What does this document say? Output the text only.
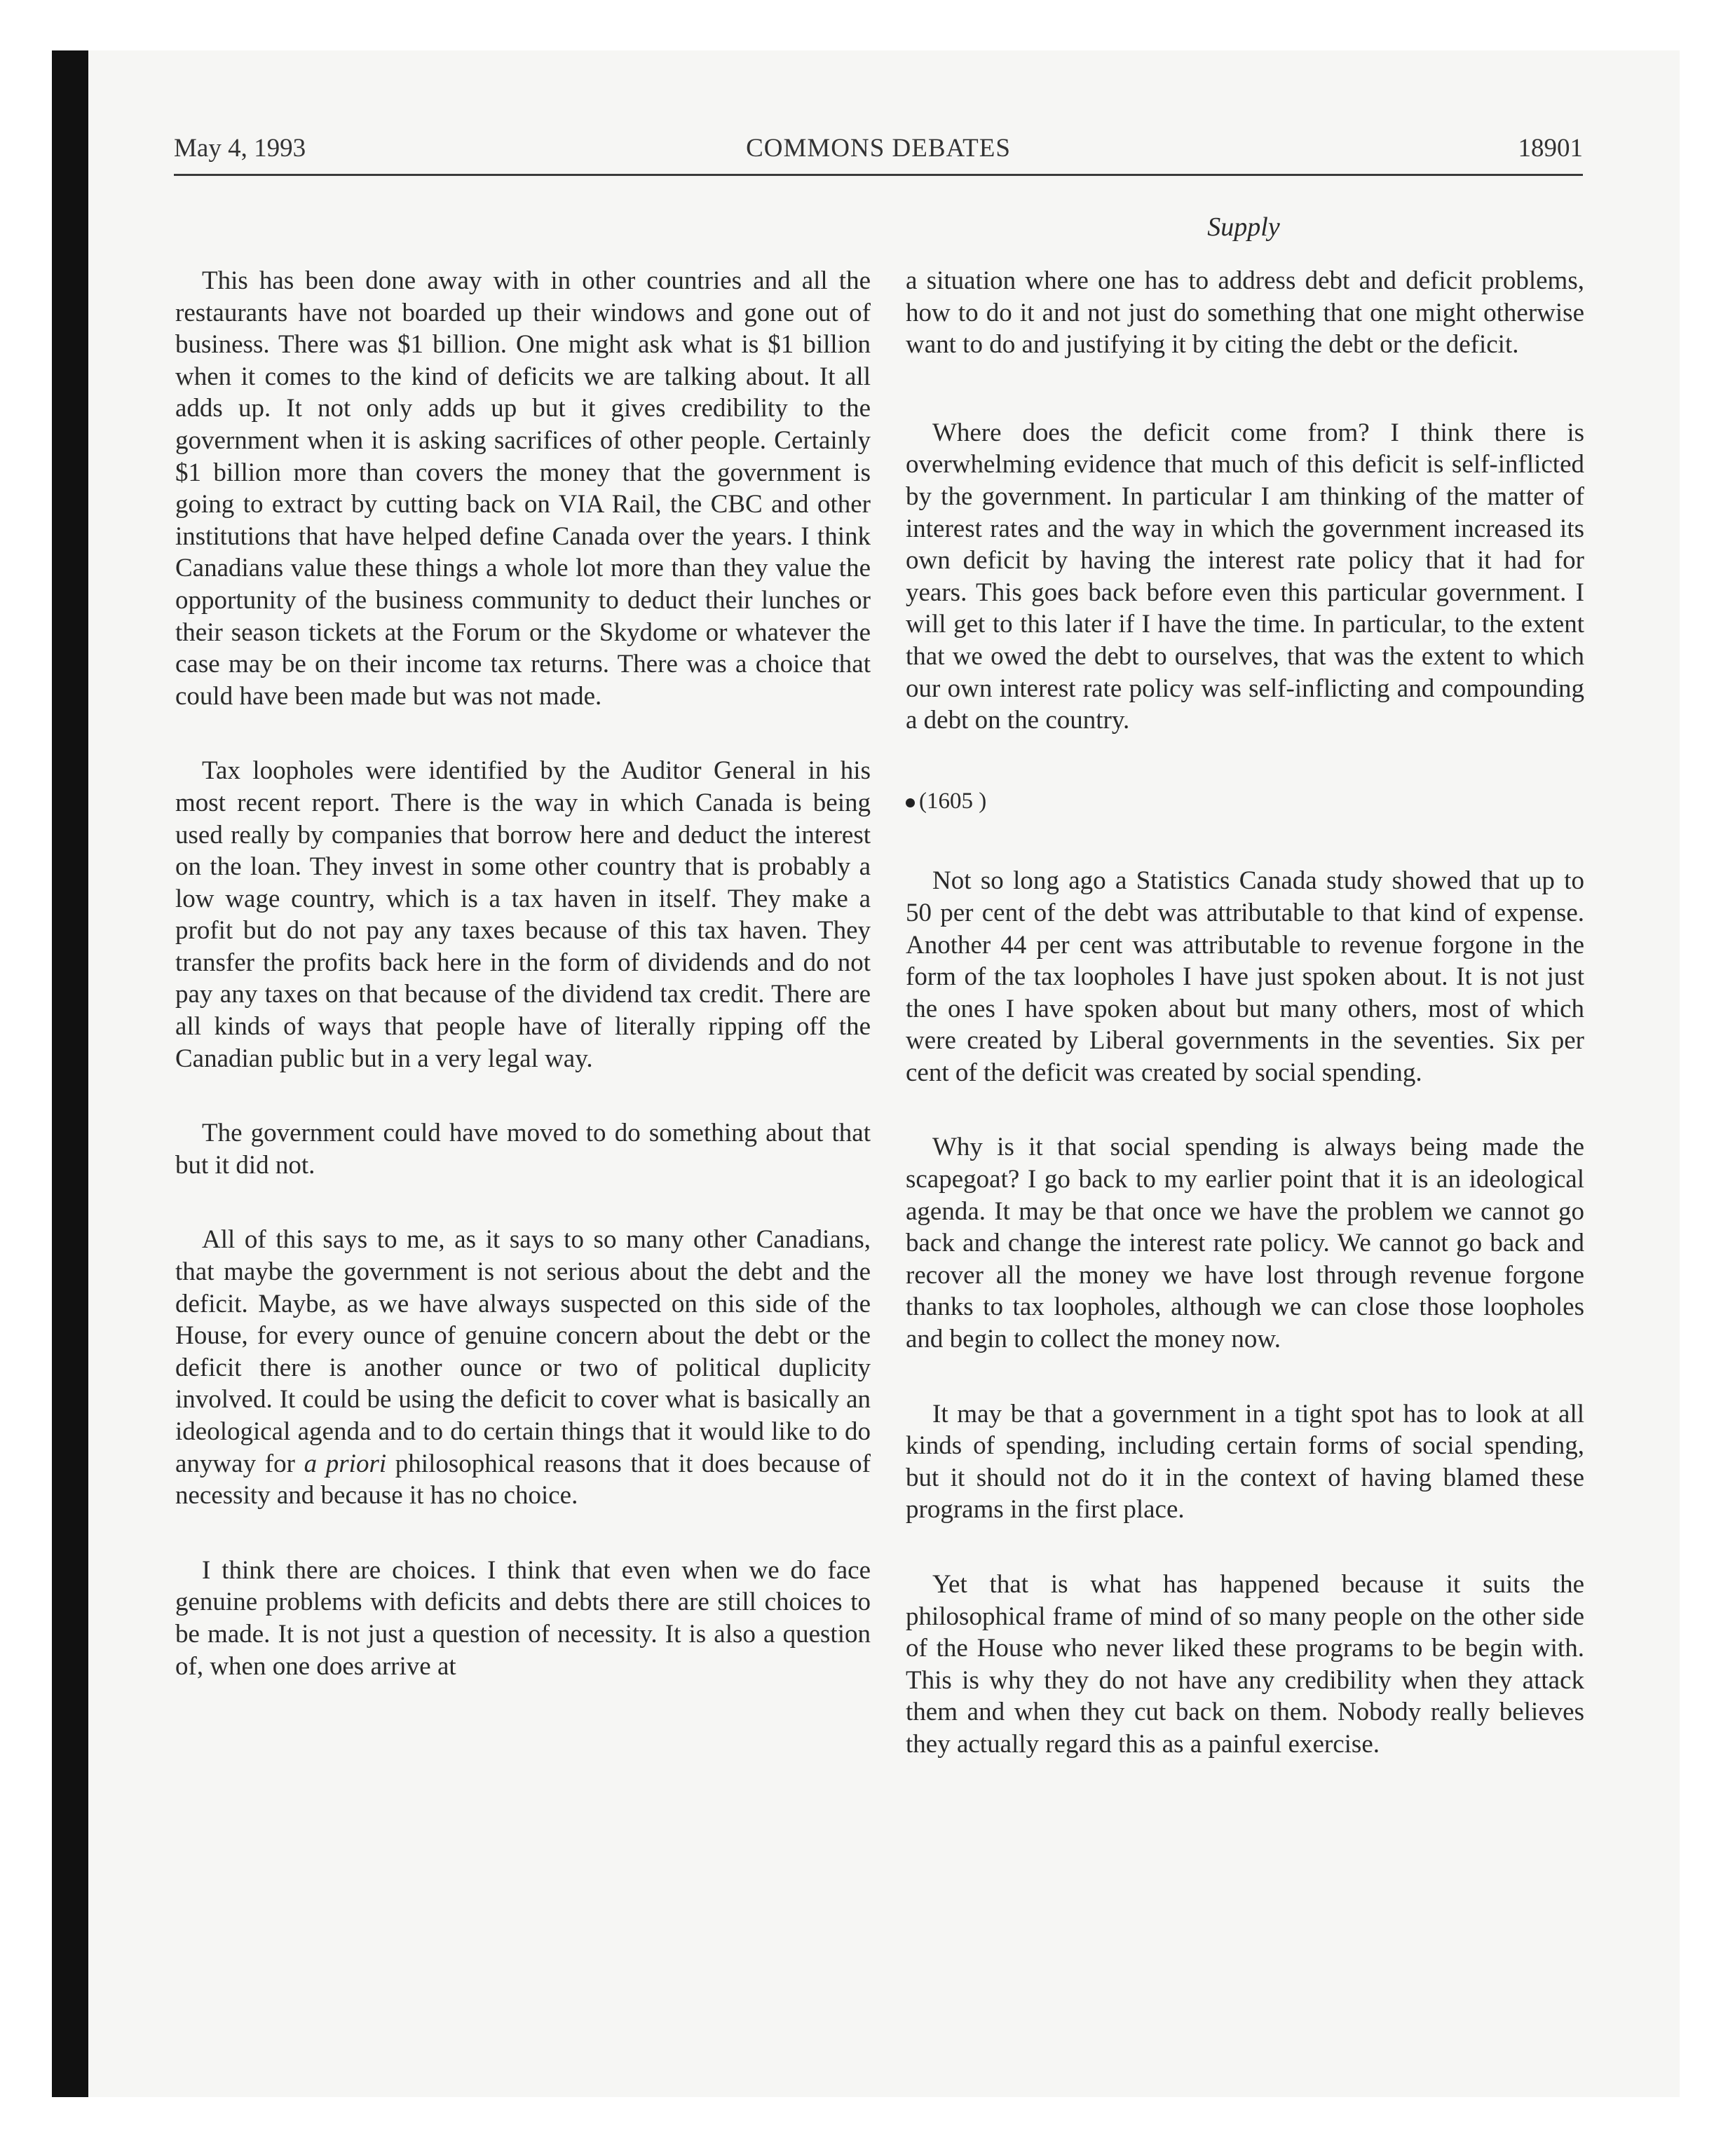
May 4, 1993	COMMONS DEBATES	18901
Supply

This has been done away with in other countries and all the restaurants have not boarded up their windows and gone out of business. There was $1 billion. One might ask what is $1 billion when it comes to the kind of deficits we are talking about. It all adds up. It not only adds up but it gives credibility to the government when it is asking sacrifices of other people. Certainly $1 billion more than covers the money that the government is going to extract by cutting back on VIA Rail, the CBC and other institutions that have helped define Canada over the years. I think Canadians value these things a whole lot more than they value the opportunity of the business community to deduct their lunches or their season tickets at the Forum or the Skydome or whatever the case may be on their income tax returns. There was a choice that could have been made but was not made.

Tax loopholes were identified by the Auditor General in his most recent report. There is the way in which Canada is being used really by companies that borrow here and deduct the interest on the loan. They invest in some other country that is probably a low wage country, which is a tax haven in itself. They make a profit but do not pay any taxes because of this tax haven. They transfer the profits back here in the form of dividends and do not pay any taxes on that because of the dividend tax credit. There are all kinds of ways that people have of literally ripping off the Canadian public but in a very legal way.

The government could have moved to do something about that but it did not.

All of this says to me, as it says to so many other Canadians, that maybe the government is not serious about the debt and the deficit. Maybe, as we have always suspected on this side of the House, for every ounce of genuine concern about the debt or the deficit there is another ounce or two of political duplicity involved. It could be using the deficit to cover what is basically an ideological agenda and to do certain things that it would like to do anyway for a priori philosophical reasons that it does because of necessity and because it has no choice.

I think there are choices. I think that even when we do face genuine problems with deficits and debts there are still choices to be made. It is not just a question of necessity. It is also a question of, when one does arrive at

a situation where one has to address debt and deficit problems, how to do it and not just do something that one might otherwise want to do and justifying it by citing the debt or the deficit.

Where does the deficit come from? I think there is overwhelming evidence that much of this deficit is self-inflicted by the government. In particular I am thinking of the matter of interest rates and the way in which the government increased its own deficit by having the interest rate policy that it had for years. This goes back before even this particular government. I will get to this later if I have the time. In particular, to the extent that we owed the debt to ourselves, that was the extent to which our own interest rate policy was self-inflicting and compounding a debt on the country.

(1605 )

Not so long ago a Statistics Canada study showed that up to 50 per cent of the debt was attributable to that kind of expense. Another 44 per cent was attributable to revenue forgone in the form of the tax loopholes I have just spoken about. It is not just the ones I have spoken about but many others, most of which were created by Liberal governments in the seventies. Six per cent of the deficit was created by social spending.

Why is it that social spending is always being made the scapegoat? I go back to my earlier point that it is an ideological agenda. It may be that once we have the problem we cannot go back and change the interest rate policy. We cannot go back and recover all the money we have lost through revenue forgone thanks to tax loopholes, although we can close those loopholes and begin to collect the money now.

It may be that a government in a tight spot has to look at all kinds of spending, including certain forms of social spending, but it should not do it in the context of having blamed these programs in the first place.

Yet that is what has happened because it suits the philosophical frame of mind of so many people on the other side of the House who never liked these programs to be begin with. This is why they do not have any credibility when they attack them and when they cut back on them. Nobody really believes they actually regard this as a painful exercise.
